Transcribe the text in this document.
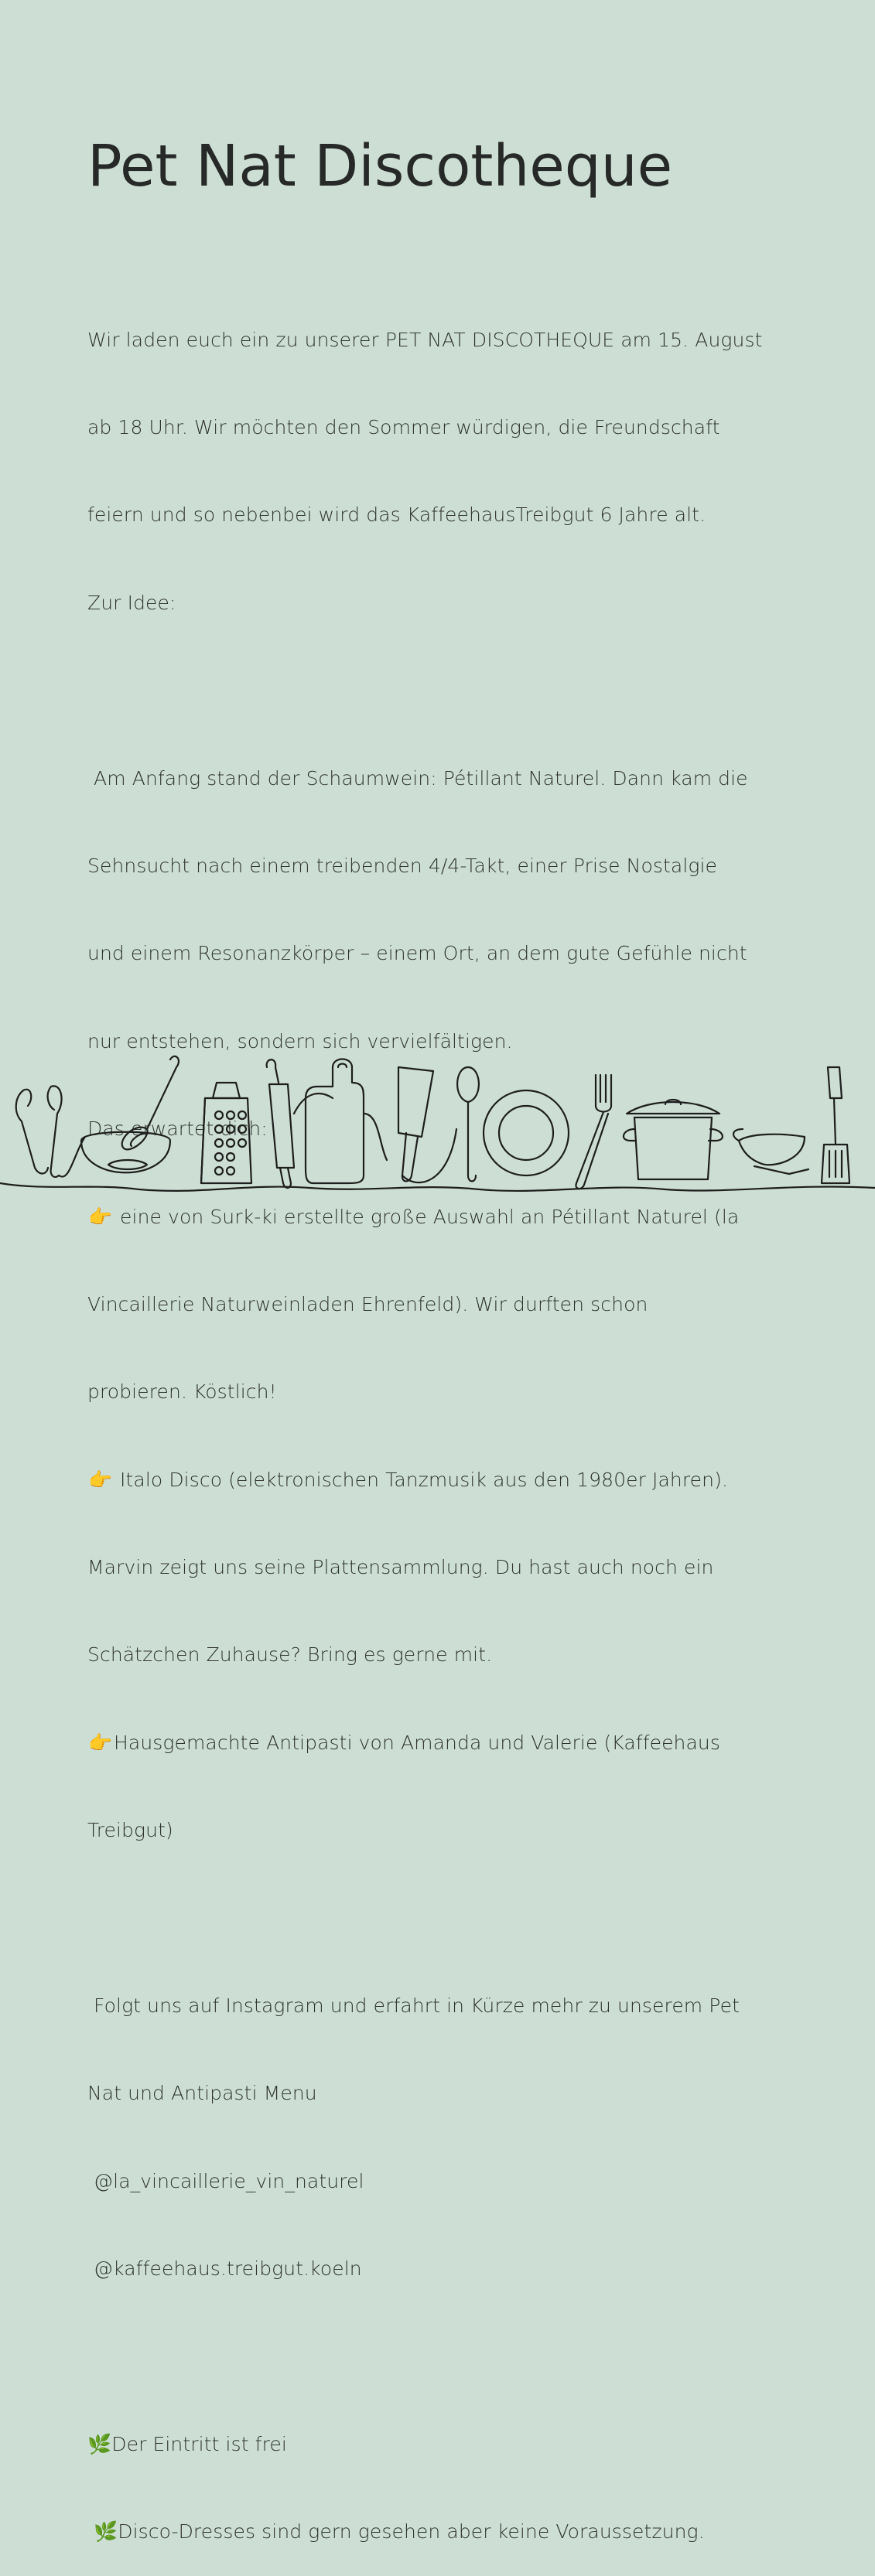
Pet Nat Discotheque

Wir laden euch ein zu unserer PET NAT DISCOTHEQUE am 15. August

ab 18 Uhr. Wir möchten den Sommer würdigen, die Freundschaft

feiern und so nebenbei wird das KaffeehausTreibgut 6 Jahre alt.

Zur Idee:

Am Anfang stand der Schaumwein: Pétillant Naturel. Dann kam die

Sehnsucht nach einem treibenden 4/4-Takt, einer Prise Nostalgie

und einem Resonanzkörper – einem Ort, an dem gute Gefühle nicht

nur entstehen, sondern sich vervielfältigen.

Das erwartet dich:

👉 eine von Surk-ki erstellte große Auswahl an Pétillant Naturel (la

Vincaillerie Naturweinladen Ehrenfeld). Wir durften schon

probieren. Köstlich!

👉 Italo Disco (elektronischen Tanzmusik aus den 1980er Jahren).

Marvin zeigt uns seine Plattensammlung. Du hast auch noch ein

Schätzchen Zuhause? Bring es gerne mit.

👉Hausgemachte Antipasti von Amanda und Valerie (Kaffeehaus

Treibgut)

Folgt uns auf Instagram und erfahrt in Kürze mehr zu unserem Pet

Nat und Antipasti Menu

@la_vincaillerie_vin_naturel

@kaffeehaus.treibgut.koeln

🌿Der Eintritt ist frei

🌿Disco-Dresses sind gern gesehen aber keine Voraussetzung.
